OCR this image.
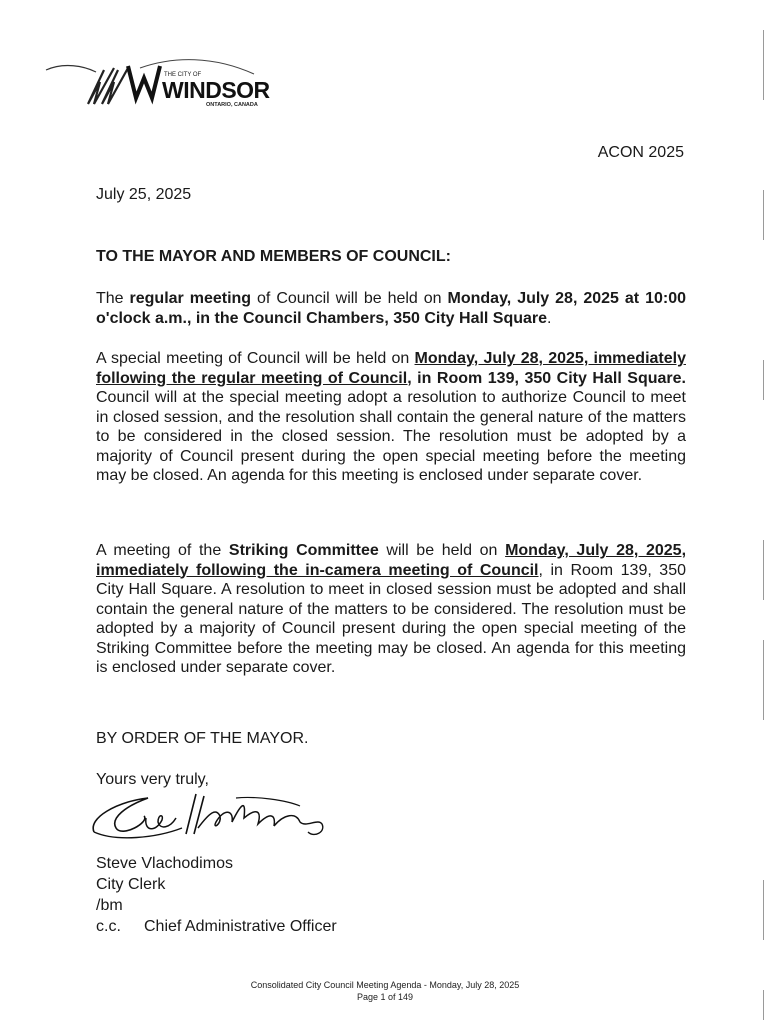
THE CITY OF
WINDSOR
ONTARIO, CANADA
ACON 2025
July 25, 2025
TO THE MAYOR AND MEMBERS OF COUNCIL:

The regular meeting of Council will be held on Monday, July 28, 2025 at 10:00 o'clock a.m., in the Council Chambers, 350 City Hall Square.

A special meeting of Council will be held on Monday, July 28, 2025, immediately following the regular meeting of Council, in Room 139, 350 City Hall Square. Council will at the special meeting adopt a resolution to authorize Council to meet in closed session, and the resolution shall contain the general nature of the matters to be considered in the closed session. The resolution must be adopted by a majority of Council present during the open special meeting before the meeting may be closed. An agenda for this meeting is enclosed under separate cover.

A meeting of the Striking Committee will be held on Monday, July 28, 2025, immediately following the in-camera meeting of Council, in Room 139, 350 City Hall Square. A resolution to meet in closed session must be adopted and shall contain the general nature of the matters to be considered. The resolution must be adopted by a majority of Council present during the open special meeting of the Striking Committee before the meeting may be closed. An agenda for this meeting is enclosed under separate cover.

BY ORDER OF THE MAYOR.
Yours very truly,
Steve Vlachodimos
City Clerk
/bm
c.c. Chief Administrative Officer
Consolidated City Council Meeting Agenda - Monday, July 28, 2025
Page 1 of 149
